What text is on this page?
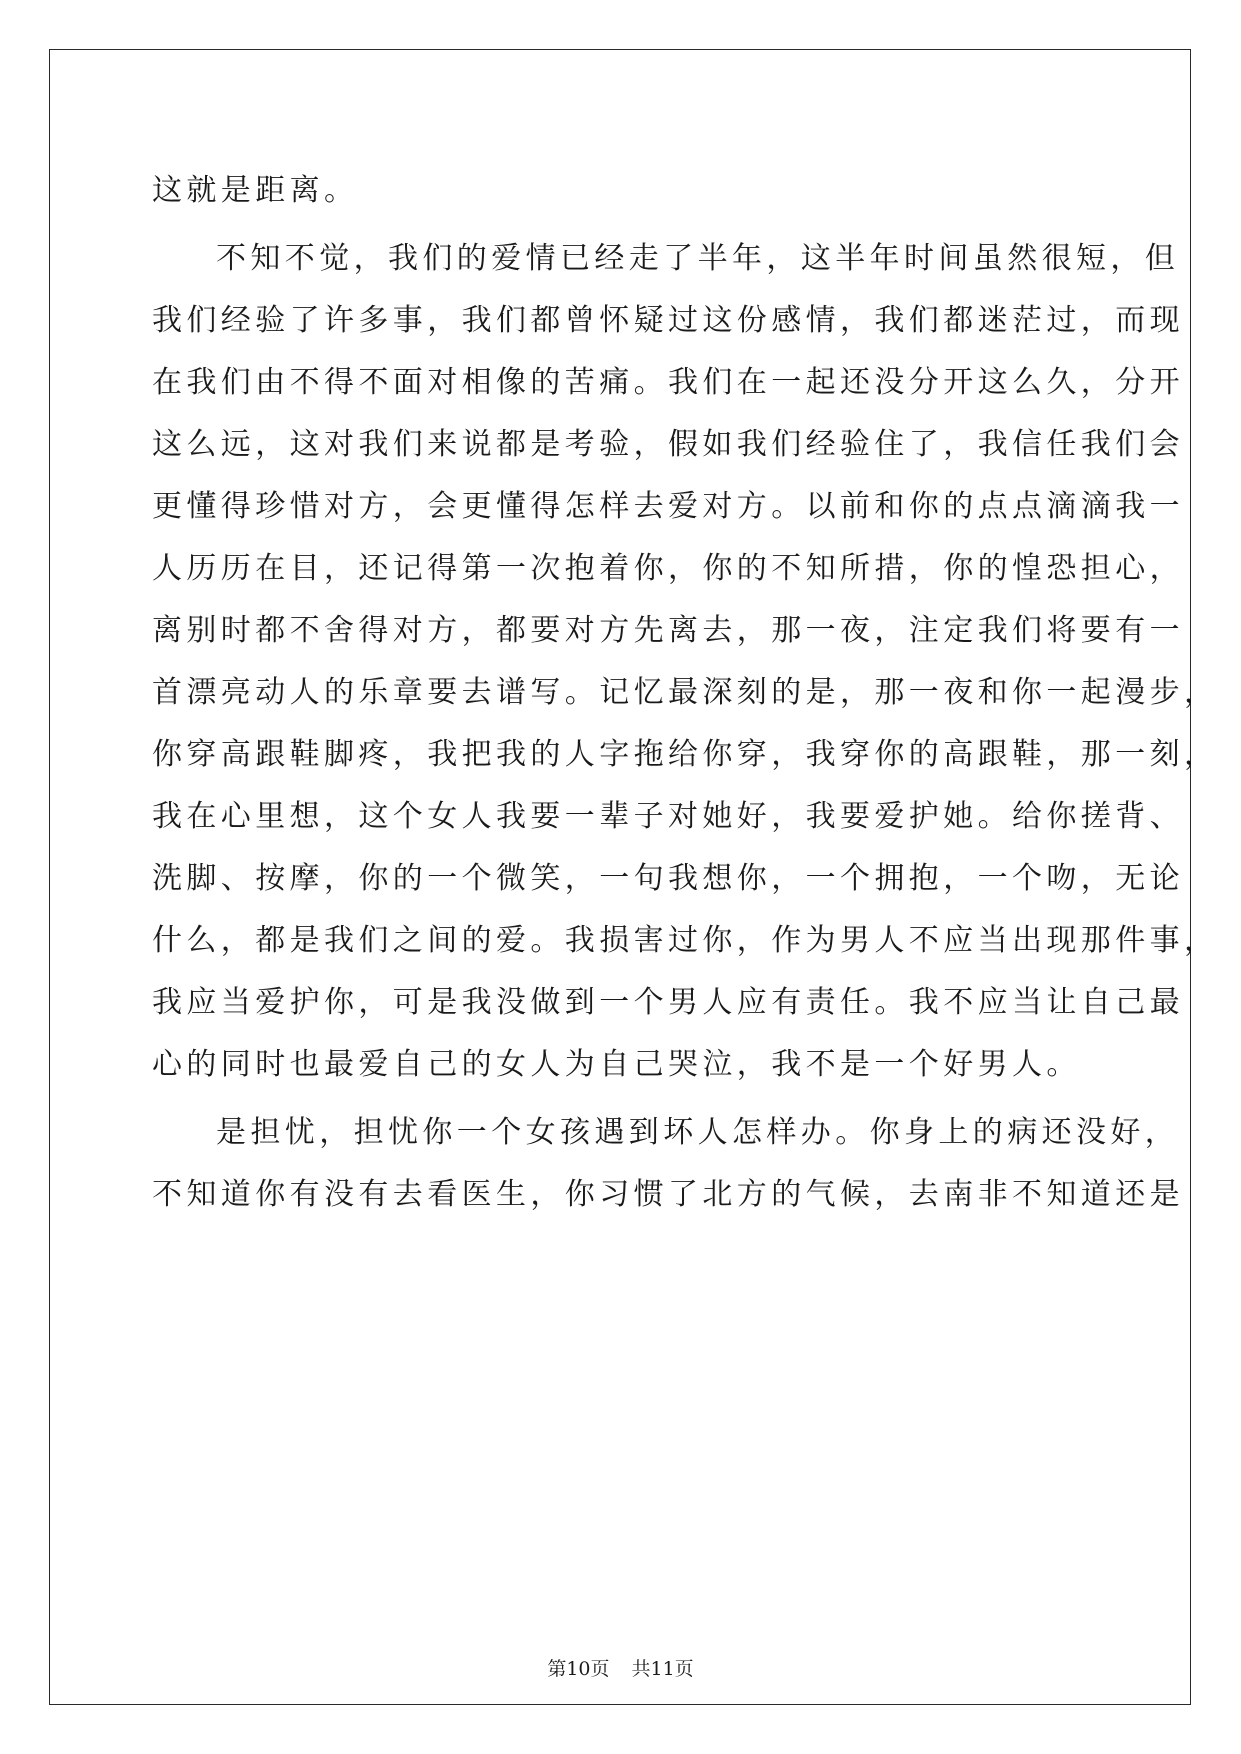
这就是距离。
不知不觉，我们的爱情已经走了半年，这半年时间虽然很短，但
我们经验了许多事，我们都曾怀疑过这份感情，我们都迷茫过，而现
在我们由不得不面对相像的苦痛。我们在一起还没分开这么久，分开
这么远，这对我们来说都是考验，假如我们经验住了，我信任我们会
更懂得珍惜对方，会更懂得怎样去爱对方。以前和你的点点滴滴我一
人历历在目，还记得第一次抱着你，你的不知所措，你的惶恐担心，
离别时都不舍得对方，都要对方先离去，那一夜，注定我们将要有一
首漂亮动人的乐章要去谱写。记忆最深刻的是，那一夜和你一起漫步，
你穿高跟鞋脚疼，我把我的人字拖给你穿，我穿你的高跟鞋，那一刻，
我在心里想，这个女人我要一辈子对她好，我要爱护她。给你搓背、
洗脚、按摩，你的一个微笑，一句我想你，一个拥抱，一个吻，无论
什么，都是我们之间的爱。我损害过你，作为男人不应当出现那件事，
我应当爱护你，可是我没做到一个男人应有责任。我不应当让自己最
心的同时也最爱自己的女人为自己哭泣，我不是一个好男人。
是担忧，担忧你一个女孩遇到坏人怎样办。你身上的病还没好，
不知道你有没有去看医生，你习惯了北方的气候，去南非不知道还是
第10页 共11页
